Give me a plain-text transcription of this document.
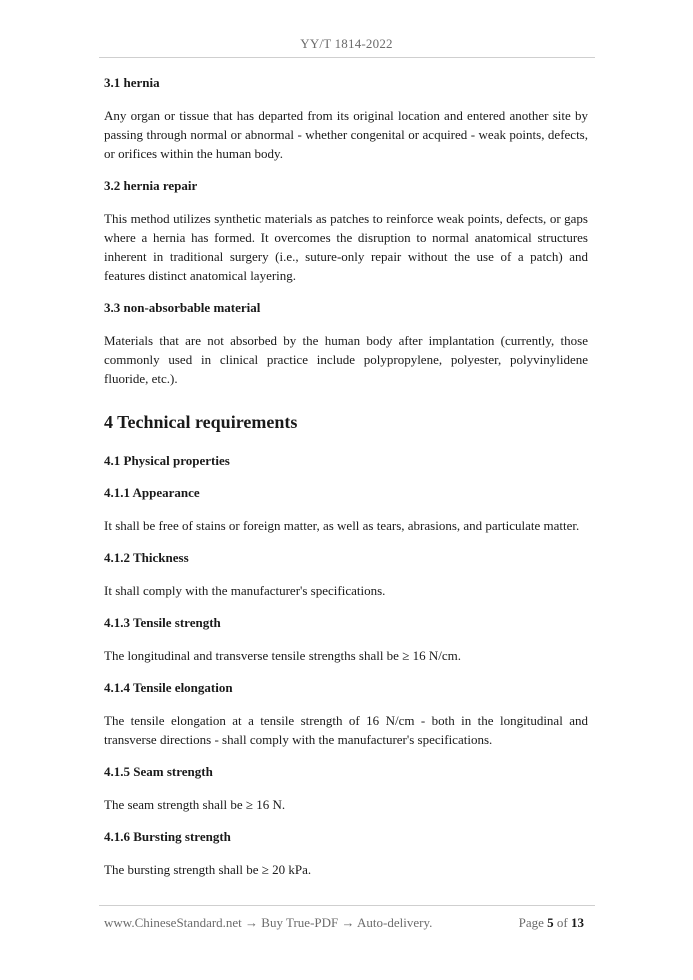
YY/T 1814-2022
3.1 hernia
Any organ or tissue that has departed from its original location and entered another site by passing through normal or abnormal - whether congenital or acquired - weak points, defects, or orifices within the human body.
3.2 hernia repair
This method utilizes synthetic materials as patches to reinforce weak points, defects, or gaps where a hernia has formed. It overcomes the disruption to normal anatomical structures inherent in traditional surgery (i.e., suture-only repair without the use of a patch) and features distinct anatomical layering.
3.3 non-absorbable material
Materials that are not absorbed by the human body after implantation (currently, those commonly used in clinical practice include polypropylene, polyester, polyvinylidene fluoride, etc.).
4 Technical requirements
4.1 Physical properties
4.1.1 Appearance
It shall be free of stains or foreign matter, as well as tears, abrasions, and particulate matter.
4.1.2 Thickness
It shall comply with the manufacturer's specifications.
4.1.3 Tensile strength
The longitudinal and transverse tensile strengths shall be ≥ 16 N/cm.
4.1.4 Tensile elongation
The tensile elongation at a tensile strength of 16 N/cm - both in the longitudinal and transverse directions - shall comply with the manufacturer's specifications.
4.1.5 Seam strength
The seam strength shall be ≥ 16 N.
4.1.6 Bursting strength
The bursting strength shall be ≥ 20 kPa.
www.ChineseStandard.net → Buy True-PDF → Auto-delivery.	Page 5 of 13
